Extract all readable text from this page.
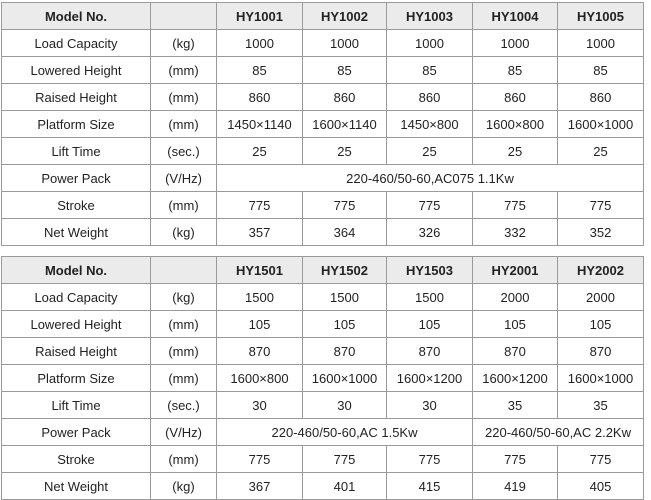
Model No.		HY1001	HY1002	HY1003	HY1004	HY1005
Load Capacity	(kg)	1000	1000	1000	1000	1000
Lowered Height	(mm)	85	85	85	85	85
Raised Height	(mm)	860	860	860	860	860
Platform Size	(mm)	1450×1140	1600×1140	1450×800	1600×800	1600×1000
Lift Time	(sec.)	25	25	25	25	25
Power Pack	(V/Hz)	220-460/50-60,AC075 1.1Kw				
Stroke	(mm)	775	775	775	775	775
Net Weight	(kg)	357	364	326	332	352
Model No.		HY1501	HY1502	HY1503	HY2001	HY2002
Load Capacity	(kg)	1500	1500	1500	2000	2000
Lowered Height	(mm)	105	105	105	105	105
Raised Height	(mm)	870	870	870	870	870
Platform Size	(mm)	1600×800	1600×1000	1600×1200	1600×1200	1600×1000
Lift Time	(sec.)	30	30	30	35	35
Power Pack	(V/Hz)	220-460/50-60,AC 1.5Kw			220-460/50-60,AC 2.2Kw	
Stroke	(mm)	775	775	775	775	775
Net Weight	(kg)	367	401	415	419	405
